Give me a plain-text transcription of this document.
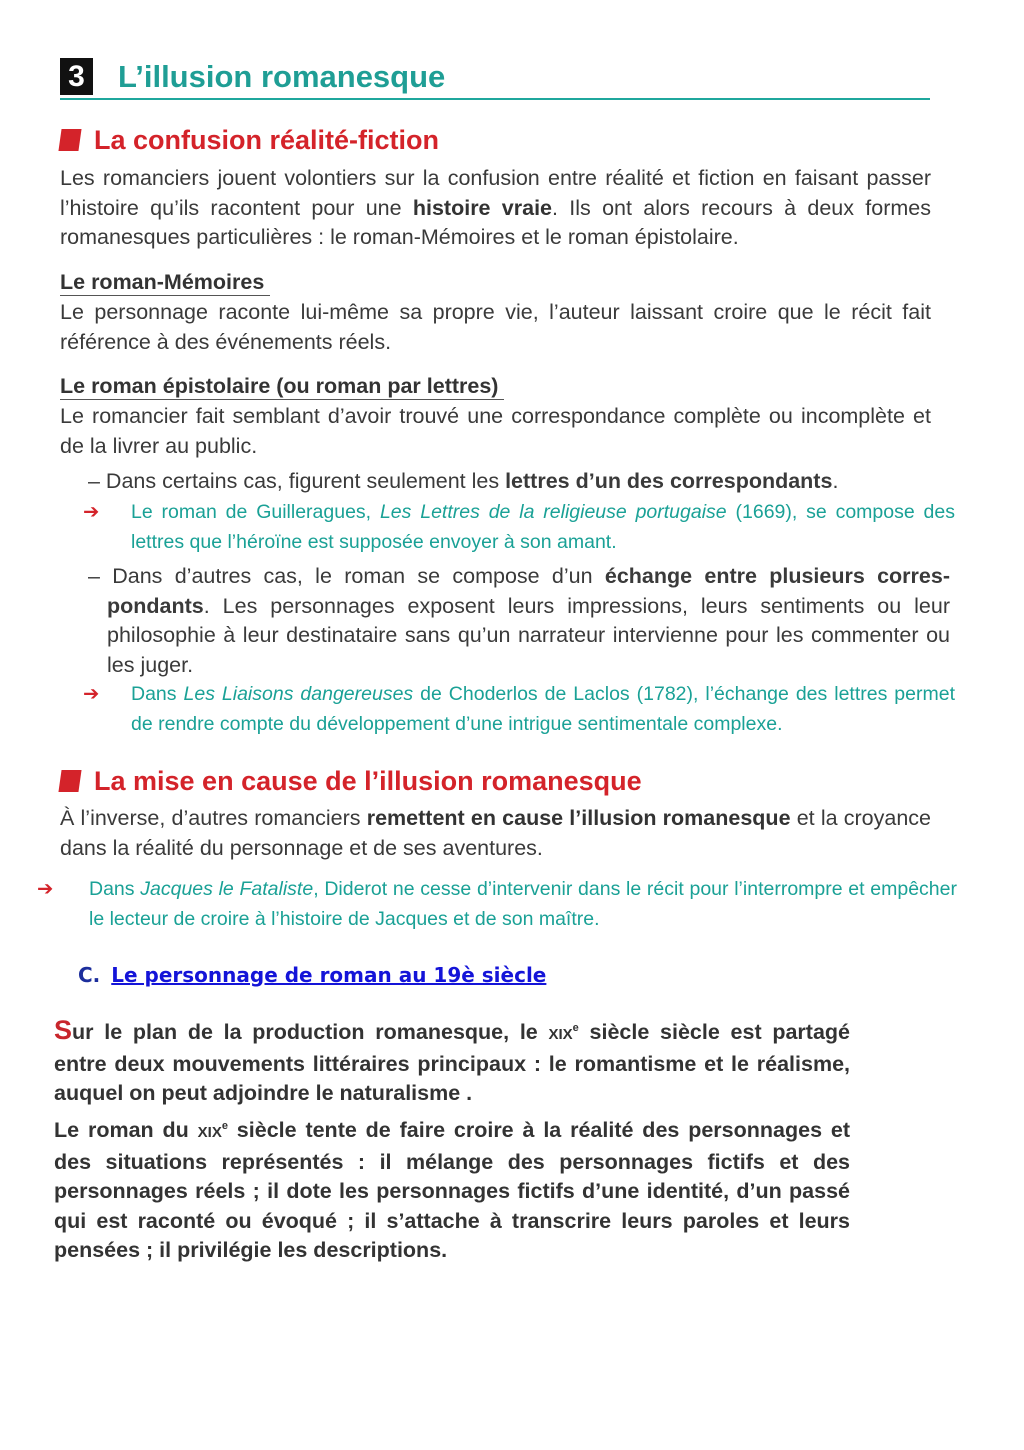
3 L’illusion romanesque
La confusion réalité-fiction
Les romanciers jouent volontiers sur la confusion entre réalité et fiction en faisant passer l’histoire qu’ils racontent pour une histoire vraie. Ils ont alors recours à deux formes romanesques particulières : le roman-Mémoires et le roman épistolaire.
Le roman-Mémoires
Le personnage raconte lui-même sa propre vie, l’auteur laissant croire que le récit fait référence à des événements réels.
Le roman épistolaire (ou roman par lettres)
Le romancier fait semblant d’avoir trouvé une correspondance complète ou incomplète et de la livrer au public.
– Dans certains cas, figurent seulement les lettres d’un des correspondants.
➔ Le roman de Guilleragues, Les Lettres de la religieuse portugaise (1669), se compose des lettres que l’héroïne est supposée envoyer à son amant.
– Dans d’autres cas, le roman se compose d’un échange entre plusieurs correspondants. Les personnages exposent leurs impressions, leurs sentiments ou leur philosophie à leur destinataire sans qu’un narrateur intervienne pour les commenter ou les juger.
➔ Dans Les Liaisons dangereuses de Choderlos de Laclos (1782), l’échange des lettres permet de rendre compte du développement d’une intrigue sentimentale complexe.
La mise en cause de l’illusion romanesque
À l’inverse, d’autres romanciers remettent en cause l’illusion romanesque et la croyance dans la réalité du personnage et de ses aventures.
➔ Dans Jacques le Fataliste, Diderot ne cesse d’intervenir dans le récit pour l’interrompre et empêcher le lecteur de croire à l’histoire de Jacques et de son maître.
C. Le personnage de roman au 19è siècle
Sur le plan de la production romanesque, le XIXe siècle siècle est partagé entre deux mouvements littéraires principaux : le romantisme et le réalisme, auquel on peut adjoindre le naturalisme .
Le roman du XIXe siècle tente de faire croire à la réalité des personnages et des situations représentés : il mélange des personnages fictifs et des personnages réels ; il dote les personnages fictifs d’une identité, d’un passé qui est raconté ou évoqué ; il s’attache à transcrire leurs paroles et leurs pensées ; il privilégie les descriptions.
